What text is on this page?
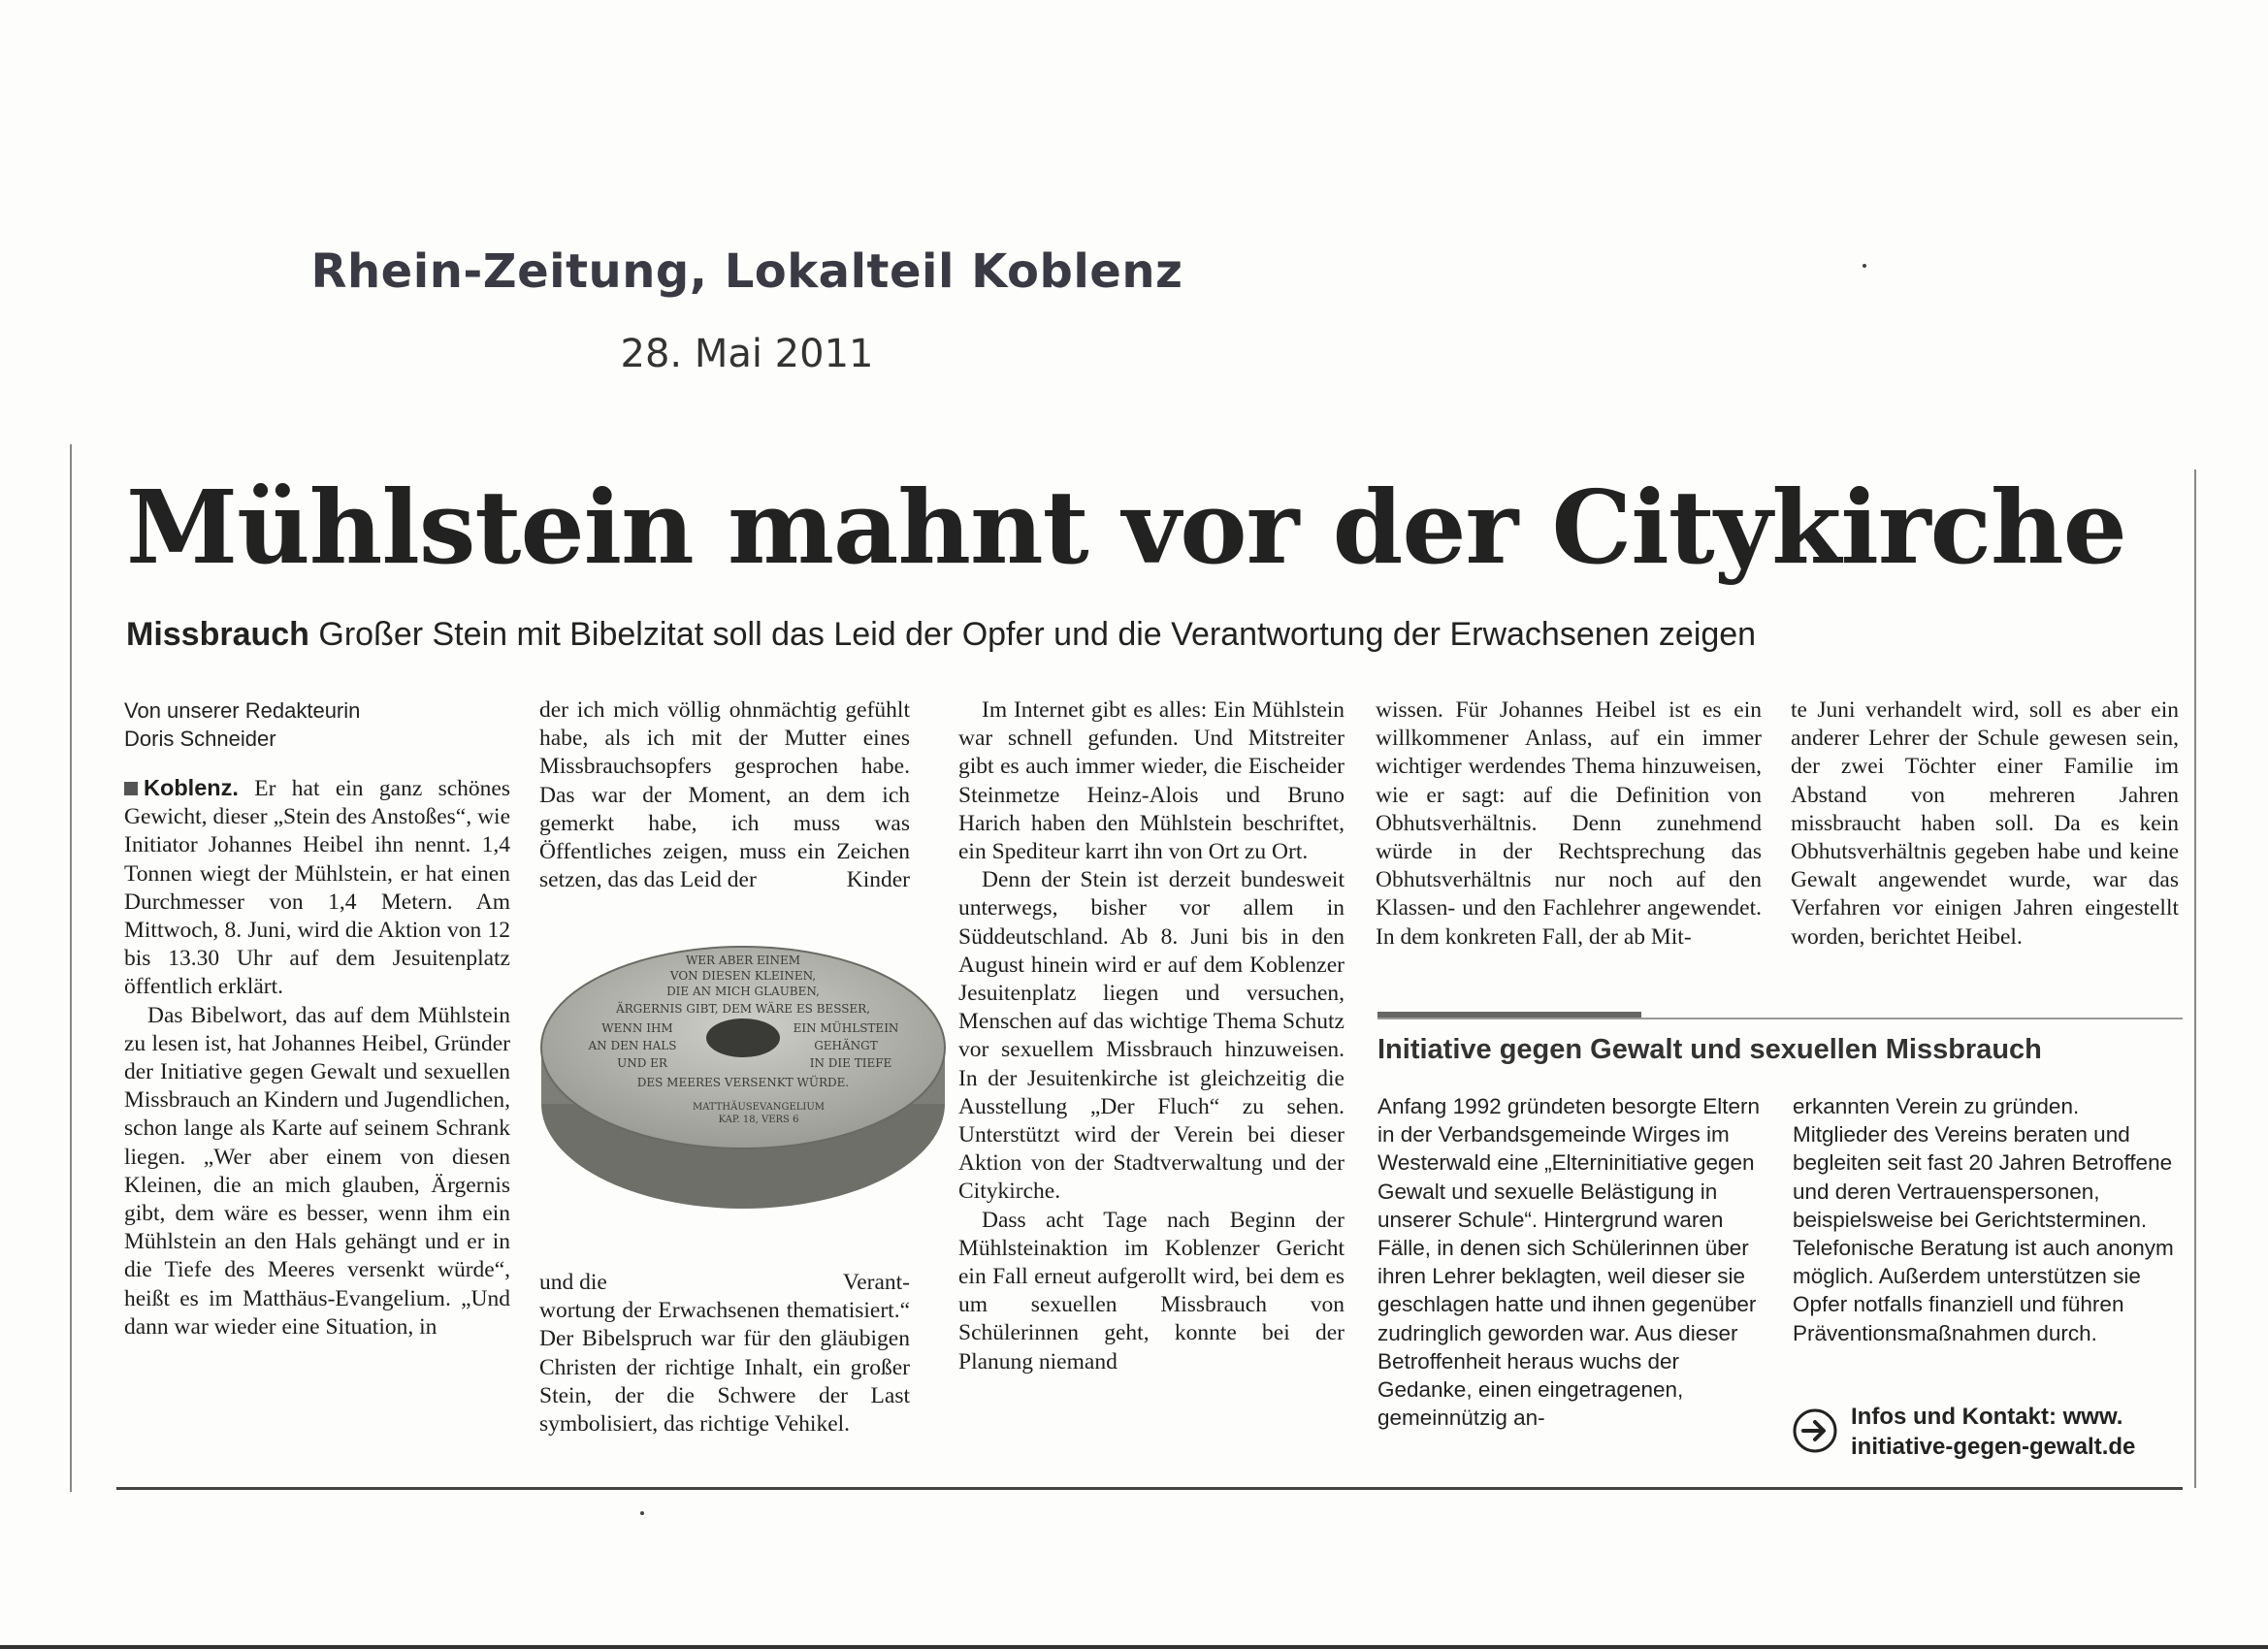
Rhein-Zeitung, Lokalteil Koblenz
28. Mai 2011
Mühlstein mahnt vor der Citykirche
Missbrauch Großer Stein mit Bibelzitat soll das Leid der Opfer und die Verantwortung der Erwachsenen zeigen
Von unserer Redakteurin
Doris Schneider

Koblenz. Er hat ein ganz schönes Gewicht, dieser „Stein des Anstoßes“, wie Initiator Johannes Heibel ihn nennt. 1,4 Tonnen wiegt der Mühlstein, er hat einen Durchmesser von 1,4 Metern. Am Mittwoch, 8. Juni, wird die Aktion von 12 bis 13.30 Uhr auf dem Jesuitenplatz öffentlich erklärt.

Das Bibelwort, das auf dem Mühlstein zu lesen ist, hat Johannes Heibel, Gründer der Initiative gegen Gewalt und sexuellen Missbrauch an Kindern und Jugendlichen, schon lange als Karte auf seinem Schrank liegen. „Wer aber einem von diesen Kleinen, die an mich glauben, Ärgernis gibt, dem wäre es besser, wenn ihm ein Mühlstein an den Hals gehängt und er in die Tiefe des Meeres versenkt würde“, heißt es im Matthäus-Evangelium. „Und dann war wieder eine Situation, in

der ich mich völlig ohnmächtig gefühlt habe, als ich mit der Mutter eines Missbrauchsopfers gesprochen habe. Das war der Moment, an dem ich gemerkt habe, ich muss was Öffentliches zeigen, muss ein Zeichen setzen, das das Leid der	Kinder

WER ABER EINEM
VON DIESEN KLEINEN,
DIE AN MICH GLAUBEN,
ÄRGERNIS GIBT, DEM WÄRE ES BESSER,
WENN IHM	EIN MÜHLSTEIN
AN DEN HALS	GEHÄNGT
UND ER	IN DIE TIEFE
DES MEERES VERSENKT WÜRDE.
MATTHÄUSEVANGELIUM
KAP. 18, VERS 6

und die	Verant-

wortung der Erwachsenen thematisiert.“ Der Bibelspruch war für den gläubigen Christen der richtige Inhalt, ein großer Stein, der die Schwere der Last symbolisiert, das richtige Vehikel.

Im Internet gibt es alles: Ein Mühlstein war schnell gefunden. Und Mitstreiter gibt es auch immer wieder, die Eischeider Steinmetze Heinz-Alois und Bruno Harich haben den Mühlstein beschriftet, ein Spediteur karrt ihn von Ort zu Ort.

Denn der Stein ist derzeit bundesweit unterwegs, bisher vor allem in Süddeutschland. Ab 8. Juni bis in den August hinein wird er auf dem Koblenzer Jesuitenplatz liegen und versuchen, Menschen auf das wichtige Thema Schutz vor sexuellem Missbrauch hinzuweisen. In der Jesuitenkirche ist gleichzeitig die Ausstellung „Der Fluch“ zu sehen. Unterstützt wird der Verein bei dieser Aktion von der Stadtverwaltung und der Citykirche.

Dass acht Tage nach Beginn der Mühlsteinaktion im Koblenzer Gericht ein Fall erneut aufgerollt wird, bei dem es um sexuellen Missbrauch von Schülerinnen geht, konnte bei der Planung niemand

wissen. Für Johannes Heibel ist es ein willkommener Anlass, auf ein immer wichtiger werdendes Thema hinzuweisen, wie er sagt: auf die Definition von Obhutsverhältnis. Denn zunehmend würde in der Rechtsprechung das Obhutsverhältnis nur noch auf den Klassen- und den Fachlehrer angewendet. In dem konkreten Fall, der ab Mit-

te Juni verhandelt wird, soll es aber ein anderer Lehrer der Schule gewesen sein, der zwei Töchter einer Familie im Abstand von mehreren Jahren missbraucht haben soll. Da es kein Obhutsverhältnis gegeben habe und keine Gewalt angewendet wurde, war das Verfahren vor einigen Jahren eingestellt worden, berichtet Heibel.

Initiative gegen Gewalt und sexuellen Missbrauch

Anfang 1992 gründeten besorgte Eltern in der Verbandsgemeinde Wirges im Westerwald eine „Elterninitiative gegen Gewalt und sexuelle Belästigung in unserer Schule“. Hintergrund waren Fälle, in denen sich Schülerinnen über ihren Lehrer beklagten, weil dieser sie geschlagen hatte und ihnen gegenüber zudringlich geworden war. Aus dieser Betroffenheit heraus wuchs der Gedanke, einen eingetragenen, gemeinnützig an-

erkannten Verein zu gründen. Mitglieder des Vereins beraten und begleiten seit fast 20 Jahren Betroffene und deren Vertrauenspersonen, beispielsweise bei Gerichtsterminen. Telefonische Beratung ist auch anonym möglich. Außerdem unterstützen sie Opfer notfalls finanziell und führen Präventionsmaßnahmen durch.

Infos und Kontakt: www.
initiative-gegen-gewalt.de
